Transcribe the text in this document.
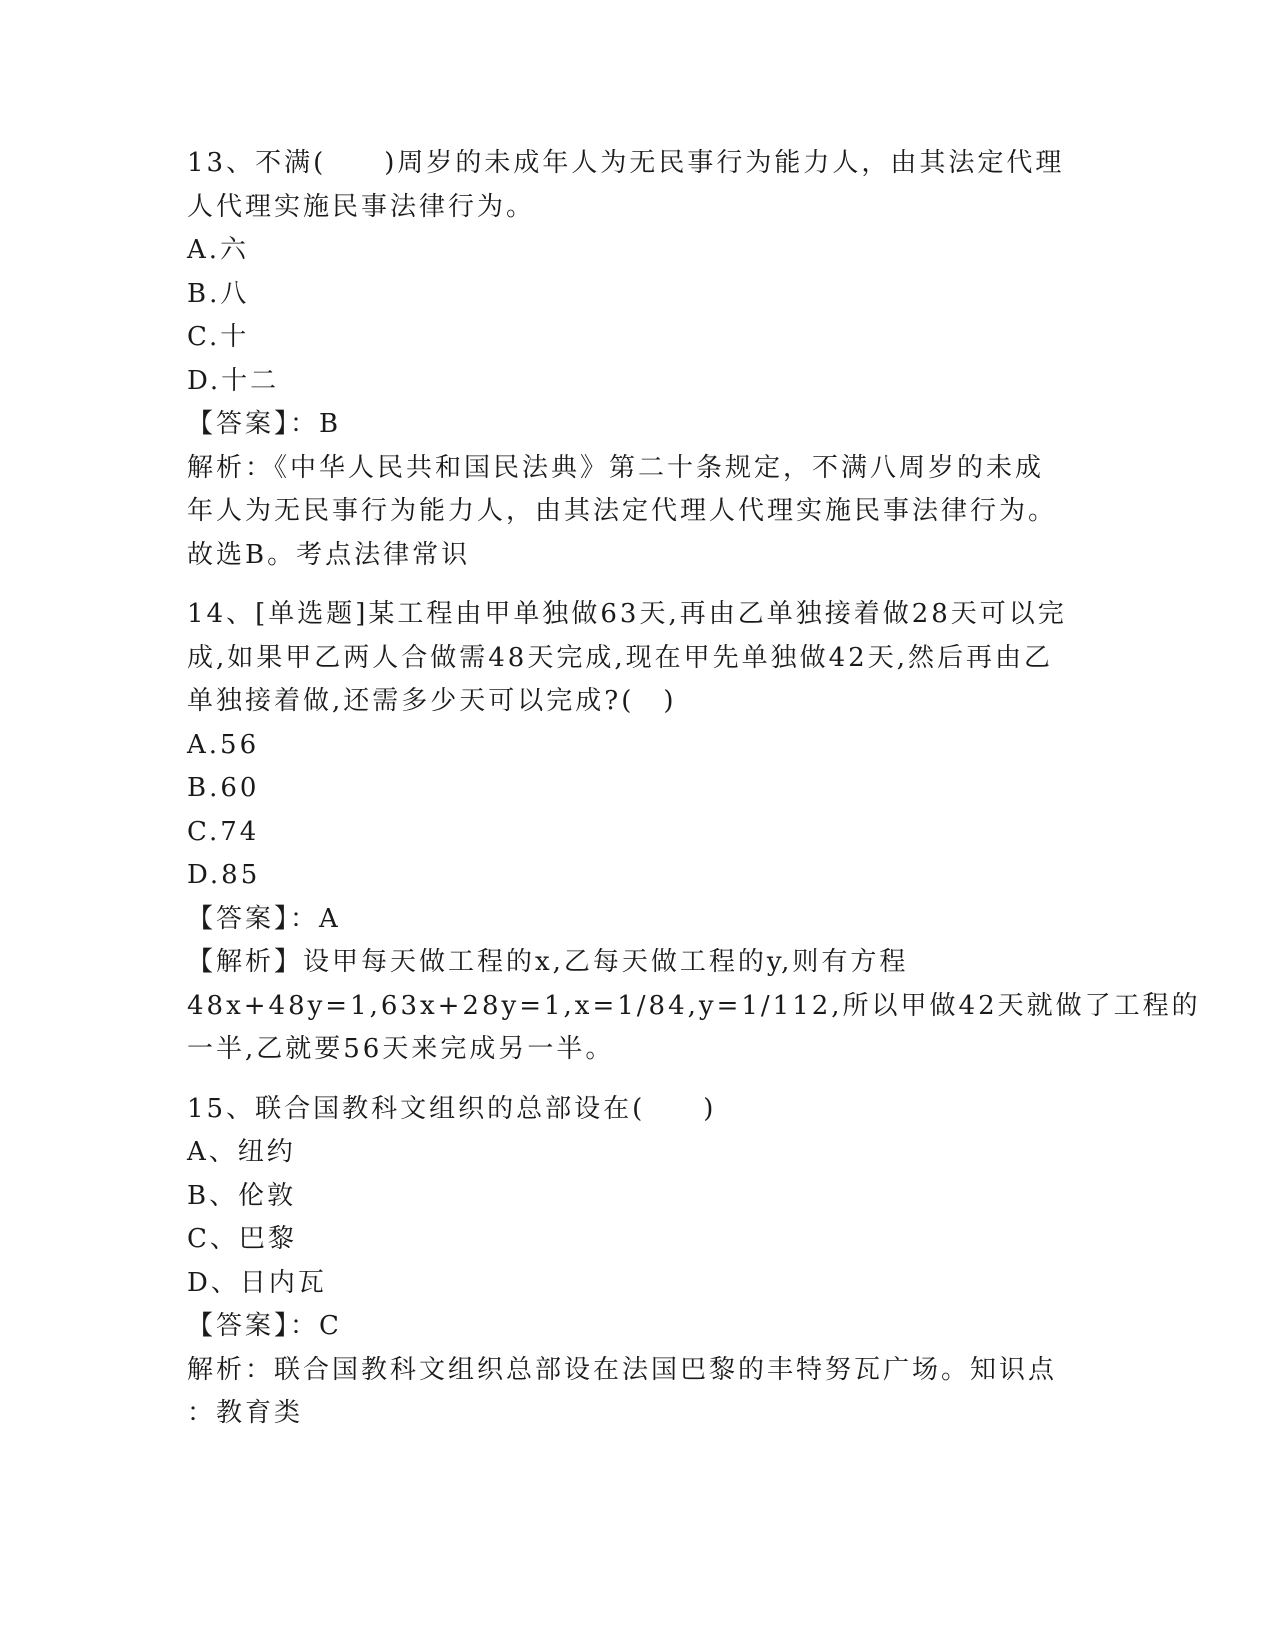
13、不满(　　)周岁的未成年人为无民事行为能力人，由其法定代理
人代理实施民事法律行为。
A.六
B.八
C.十
D.十二
【答案】：B
解析：《中华人民共和国民法典》第二十条规定，不满八周岁的未成
年人为无民事行为能力人，由其法定代理人代理实施民事法律行为。
故选B。考点法律常识
14、[单选题]某工程由甲单独做63天,再由乙单独接着做28天可以完
成,如果甲乙两人合做需48天完成,现在甲先单独做42天,然后再由乙
单独接着做,还需多少天可以完成?(　)
A.56
B.60
C.74
D.85
【答案】：A
【解析】设甲每天做工程的x,乙每天做工程的y,则有方程
48x+48y=1,63x+28y=1,x=1/84,y=1/112,所以甲做42天就做了工程的
一半,乙就要56天来完成另一半。
15、联合国教科文组织的总部设在(　　)
A、纽约
B、伦敦
C、巴黎
D、日内瓦
【答案】：C
解析：联合国教科文组织总部设在法国巴黎的丰特努瓦广场。知识点
：教育类
